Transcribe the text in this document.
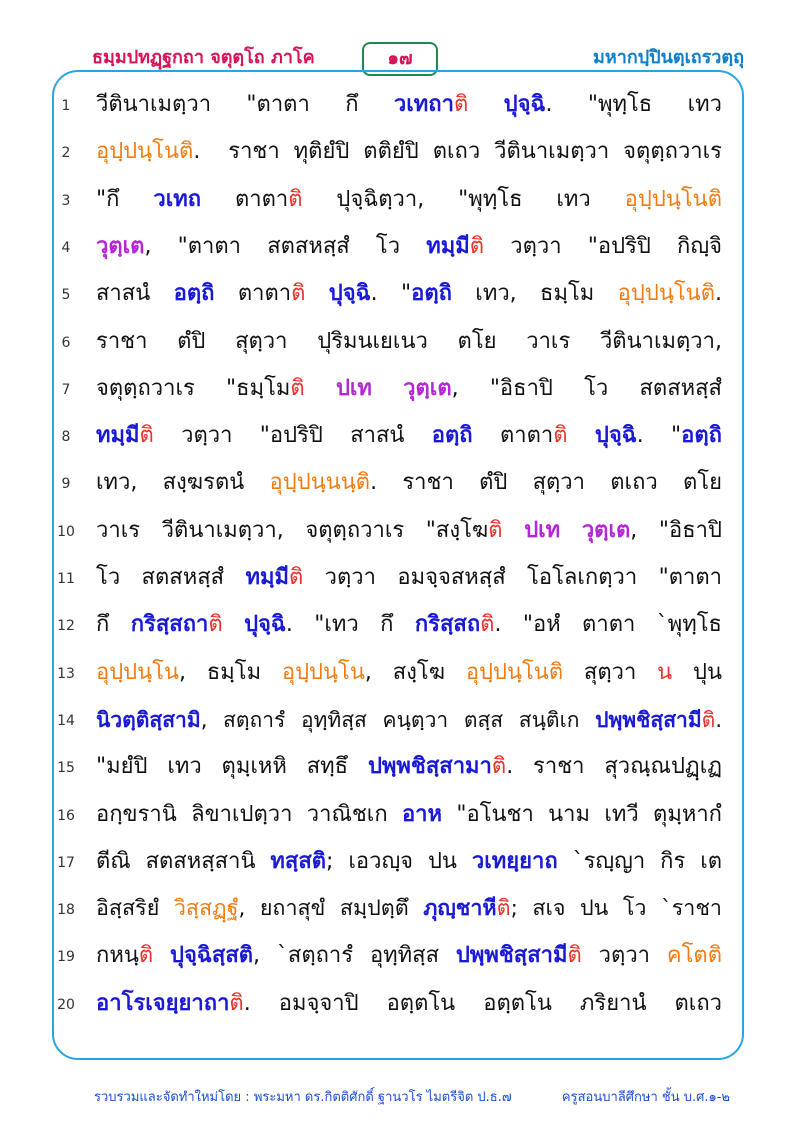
ธมฺมปทฏฺฐกถา จตุตฺโถ ภาโค	๑๗	มหากปฺปินตฺเถรวตฺถุ
1	วีตินาเมตฺวา  "ตาตา  กึ  วเทถาติ ปุจฺฉิ.  "พุทฺโธ  เทว
2	อุปฺปนฺโนติ.  ราชา ทุติยํปิ ตติยํปิ ตเถว วีตินาเมตฺวา จตุตฺถวาเร
3	"กึ  วเทถ  ตาตาติ  ปุจฺฉิตฺวา,  "พุทฺโธ  เทว  อุปฺปนฺโนติ
4	วุตฺเต,  "ตาตา  สตสหสฺสํ  โว  ทมฺมีติ  วตฺวา  "อปริปิ  กิญฺจิ
5	สาสนํ  อตฺถิ  ตาตาติ ปุจฺฉิ.  "อตฺถิ  เทว,  ธมฺโม  อุปฺปนฺโนติ.
6	ราชา  ตํปิ  สุตฺวา  ปุริมนเยเนว  ตโย  วาเร  วีตินาเมตฺวา,
7	จตุตฺถวาเร  "ธมฺโมติ ปเท วุตฺเต,  "อิธาปิ  โว  สตสหสฺสํ
8	ทมฺมีติ  วตฺวา  "อปริปิ  สาสนํ  อตฺถิ  ตาตาติ ปุจฺฉิ.  "อตฺถิ
9	เทว,  สงฺฆรตนํ  อุปฺปนฺนนฺติ.  ราชา  ตํปิ  สุตฺวา  ตเถว  ตโย
10 วาเร  วีตินาเมตฺวา,  จตุตฺถวาเร  "สงฺโฆติ ปเท วุตฺเต,  "อิธาปิ
11 โว  สตสหสฺสํ  ทมฺมีติ  วตฺวา  อมจฺจสหสฺสํ  โอโลเกตฺวา  "ตาตา
12 กึ  กริสฺสถาติ ปุจฺฉิ.  "เทว  กึ  กริสฺสถติ.  "อหํ  ตาตา  `พุทฺโธ
13 อุปฺปนฺโน,  ธมฺโม  อุปฺปนฺโน,  สงฺโฆ  อุปฺปนฺโนติ  สุตฺวา  น  ปุน
14	นิวตฺติสฺสามิ,  สตฺถารํ  อุทฺทิสฺส  คนฺตฺวา  ตสฺส  สนฺติเก  ปพฺพชิสฺสามีติ.
15 "มยํปิ  เทว  ตุมฺเหหิ  สทฺธึ  ปพฺพชิสฺสามาติ.  ราชา  สุวณฺณปฏฺเฏ
16 อกฺขรานิ  ลิขาเปตฺวา  วาณิชเก  อาห  "อโนชา  นาม  เทวี  ตุมฺหากํ
17 ตีณิ  สตสหสฺสานิ  ทสฺสติ;  เอวญฺจ  ปน  วเทยฺยาถ  `รญฺญา  กิร  เต
18 อิสฺสริยํ  วิสฺสฏฺฐํ,  ยถาสุขํ  สมฺปตฺตึ  ภุญฺชาหีติ;  สเจ  ปน  โว  `ราชา
19 กหนฺติ ปุจฺฉิสฺสติ,  `สตฺถารํ  อุทฺทิสฺส  ปพฺพชิสฺสามีติ  วตฺวา  คโตติ
20 อาโรเจยฺยาถาติ.  อมจฺจาปิ  อตฺตโน  อตฺตโน  ภริยานํ  ตเถว
รวบรวมและจัดทำใหม่โดย : พระมหา ดร.กิตติศักดิ์ ฐานวโร ไมตรีจิต ป.ธ.๗	ครูสอนบาลีศึกษา ชั้น บ.ศ.๑-๒
